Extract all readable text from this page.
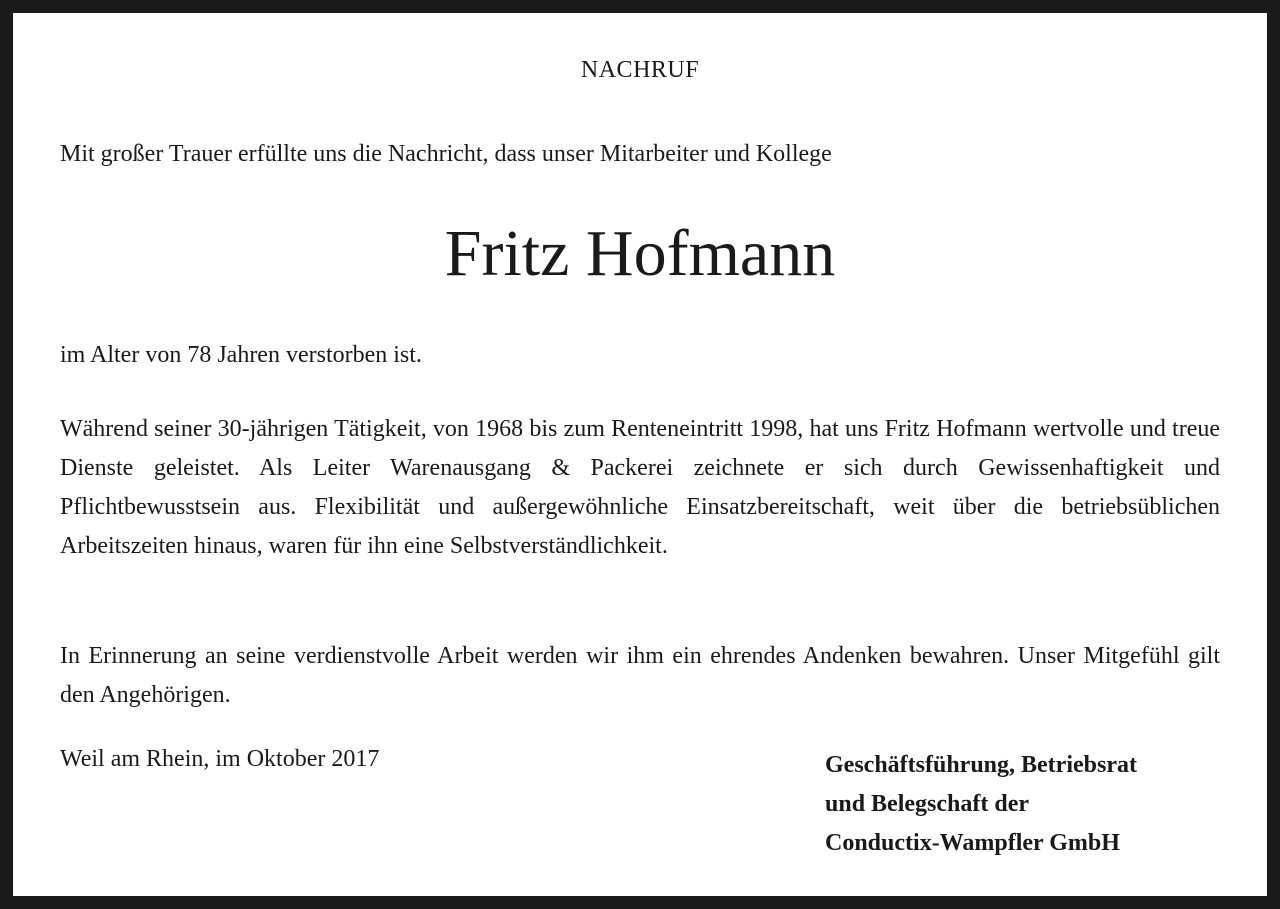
NACHRUF
Mit großer Trauer erfüllte uns die Nachricht, dass unser Mitarbeiter und Kollege
Fritz Hofmann
im Alter von 78 Jahren verstorben ist.
Während seiner 30-jährigen Tätigkeit, von 1968 bis zum Renteneintritt 1998, hat uns Fritz Hofmann wertvolle und treue Dienste geleistet. Als Leiter Warenausgang & Packerei zeichnete er sich durch Gewissenhaftigkeit und Pflichtbewusstsein aus. Flexibilität und außergewöhnliche Einsatzbereitschaft, weit über die betriebsüblichen Arbeitszeiten hinaus, waren für ihn eine Selbstverständlichkeit.
In Erinnerung an seine verdienstvolle Arbeit werden wir ihm ein ehrendes Andenken bewahren. Unser Mitgefühl gilt den Angehörigen.
Weil am Rhein, im Oktober 2017	Geschäftsführung, Betriebsrat
und Belegschaft der
Conductix-Wampfler GmbH
